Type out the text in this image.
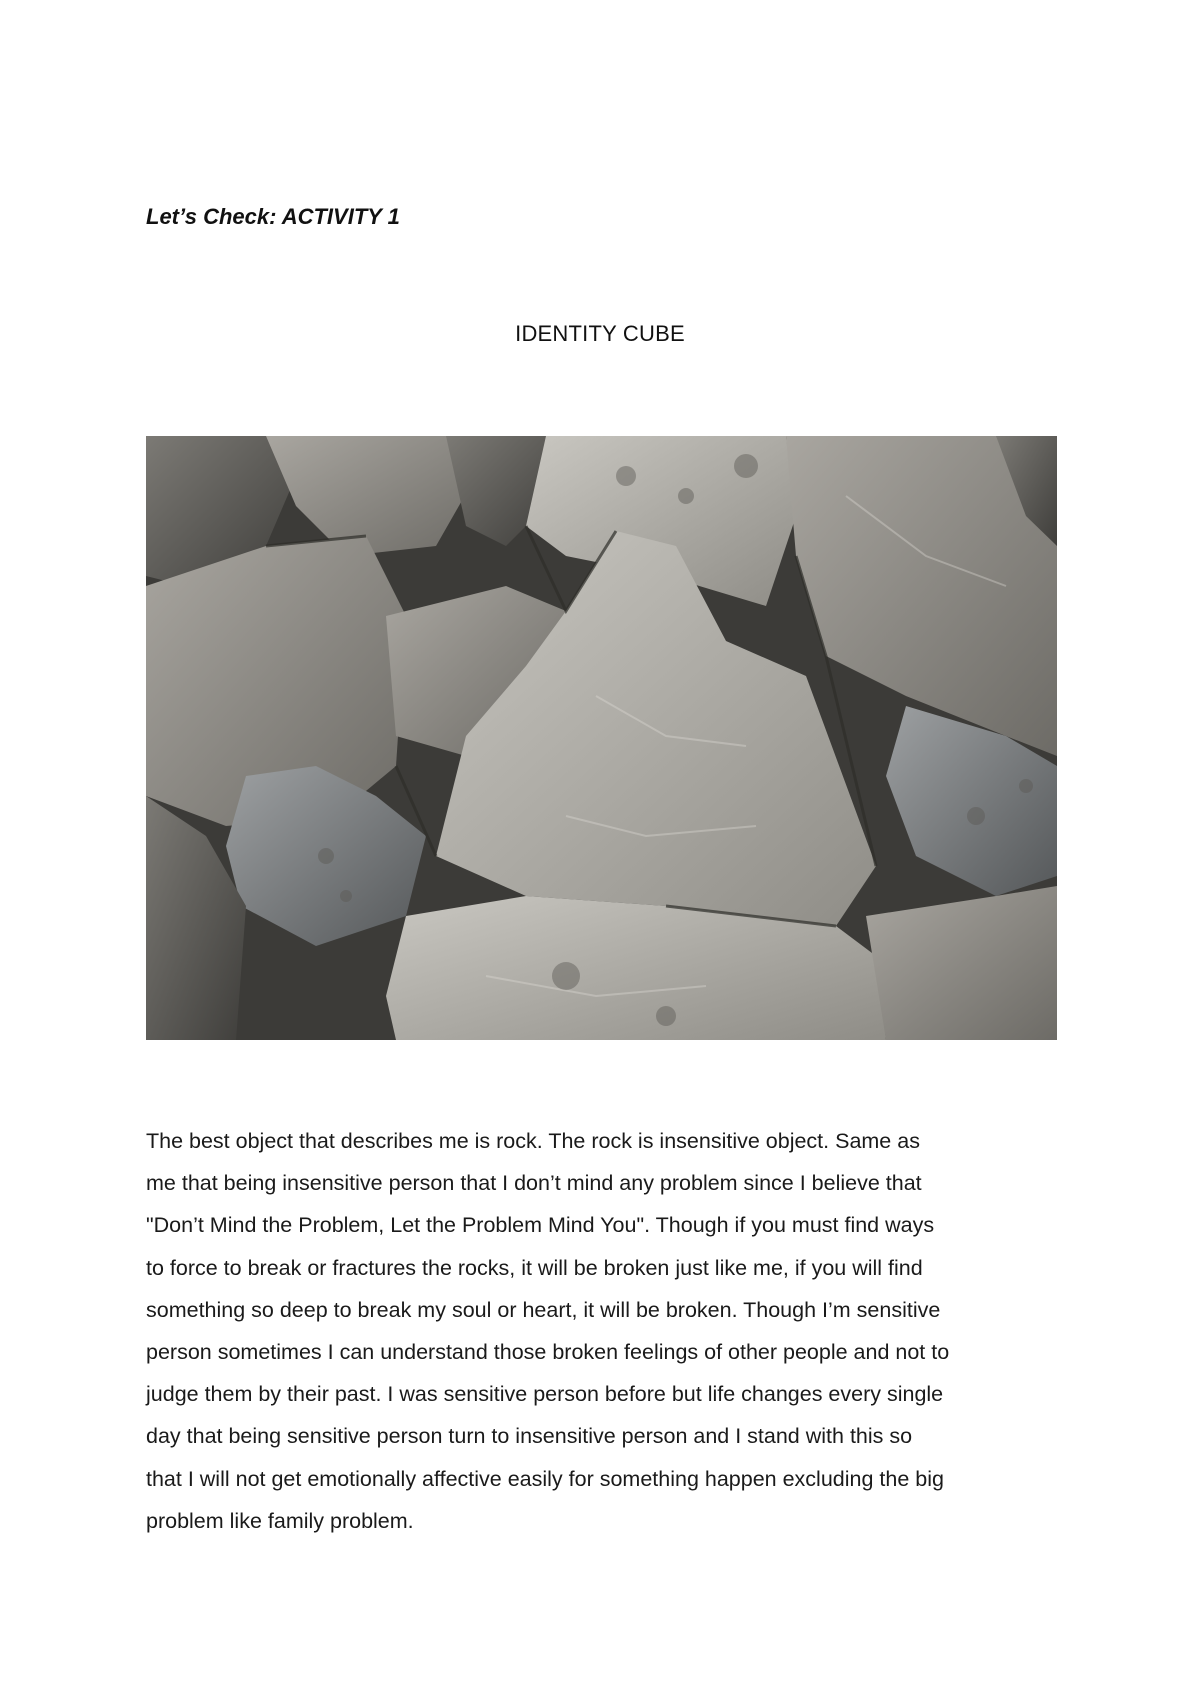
Let’s Check: ACTIVITY 1
IDENTITY CUBE

The best object that describes me is rock. The rock is insensitive object. Same as
me that being insensitive person that I don’t mind any problem since I believe that
"Don’t Mind the Problem, Let the Problem Mind You". Though if you must find ways
to force to break or fractures the rocks, it will be broken just like me, if you will find
something so deep to break my soul or heart, it will be broken. Though I’m sensitive
person sometimes I can understand those broken feelings of other people and not to
judge them by their past. I was sensitive person before but life changes every single
day that being sensitive person turn to insensitive person and I stand with this so
that I will not get emotionally affective easily for something happen excluding the big
problem like family problem.
